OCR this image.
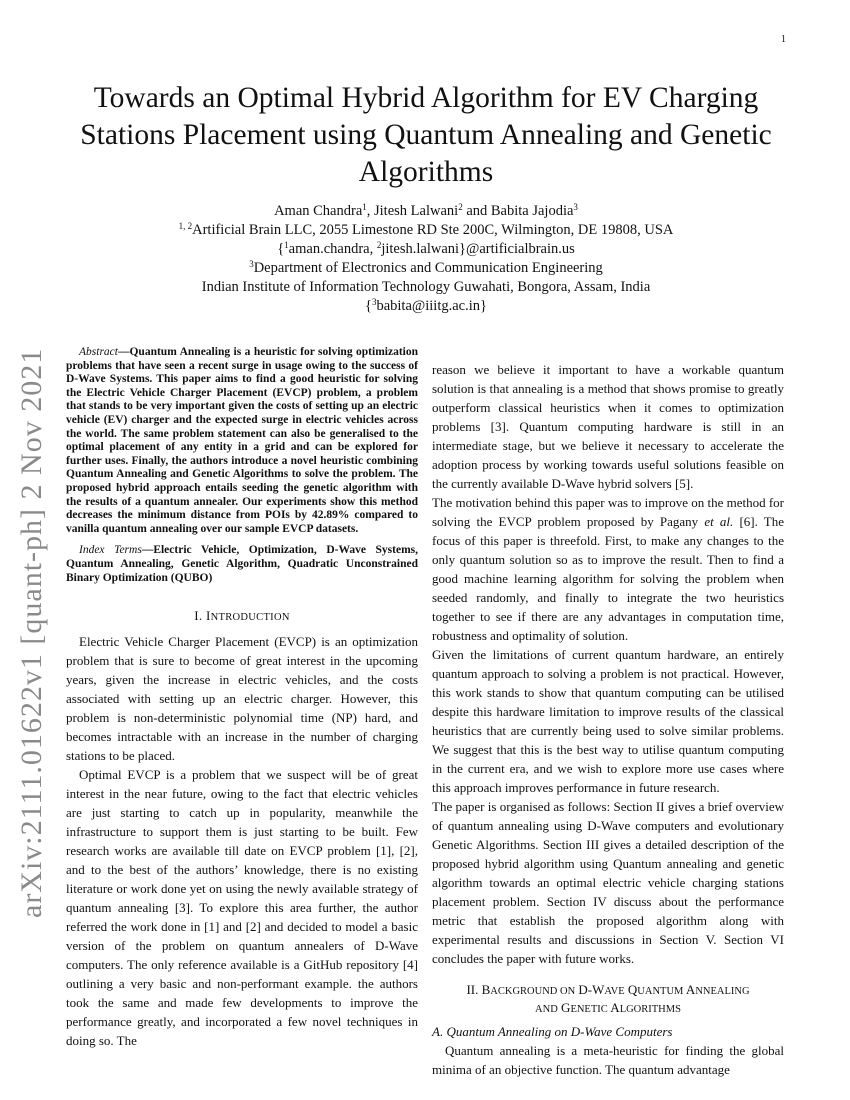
1
arXiv:2111.01622v1 [quant-ph] 2 Nov 2021
Towards an Optimal Hybrid Algorithm for EV Charging Stations Placement using Quantum Annealing and Genetic Algorithms
Aman Chandra$^1$, Jitesh Lalwani$^2$ and Babita Jajodia$^3$
$^{1, 2}$Artificial Brain LLC, 2055 Limestone RD Ste 200C, Wilmington, DE 19808, USA
{$^1$aman.chandra, $^2$jitesh.lalwani}@artificialbrain.us
$^3$Department of Electronics and Communication Engineering
Indian Institute of Information Technology Guwahati, Bongora, Assam, India
{$^3$babita@iiitg.ac.in}

Abstract—Quantum Annealing is a heuristic for solving optimization problems that have seen a recent surge in usage owing to the success of D-Wave Systems. This paper aims to find a good heuristic for solving the Electric Vehicle Charger Placement (EVCP) problem, a problem that stands to be very important given the costs of setting up an electric vehicle (EV) charger and the expected surge in electric vehicles across the world. The same problem statement can also be generalised to the optimal placement of any entity in a grid and can be explored for further uses. Finally, the authors introduce a novel heuristic combining Quantum Annealing and Genetic Algorithms to solve the problem. The proposed hybrid approach entails seeding the genetic algorithm with the results of a quantum annealer. Our experiments show this method decreases the minimum distance from POIs by 42.89% compared to vanilla quantum annealing over our sample EVCP datasets.

Index Terms—Electric Vehicle, Optimization, D-Wave Systems, Quantum Annealing, Genetic Algorithm, Quadratic Unconstrained Binary Optimization (QUBO)

I. INTRODUCTION

Electric Vehicle Charger Placement (EVCP) is an optimization problem that is sure to become of great interest in the upcoming years, given the increase in electric vehicles, and the costs associated with setting up an electric charger. However, this problem is non-deterministic polynomial time (NP) hard, and becomes intractable with an increase in the number of charging stations to be placed.

Optimal EVCP is a problem that we suspect will be of great interest in the near future, owing to the fact that electric vehicles are just starting to catch up in popularity, meanwhile the infrastructure to support them is just starting to be built. Few research works are available till date on EVCP problem [1], [2], and to the best of the authors’ knowledge, there is no existing literature or work done yet on using the newly available strategy of quantum annealing [3]. To explore this area further, the author referred the work done in [1] and [2] and decided to model a basic version of the problem on quantum annealers of D-Wave computers. The only reference available is a GitHub repository [4] outlining a very basic and non-performant example. the authors took the same and made few developments to improve the performance greatly, and incorporated a few novel techniques in doing so. The

reason we believe it important to have a workable quantum solution is that annealing is a method that shows promise to greatly outperform classical heuristics when it comes to optimization problems [3]. Quantum computing hardware is still in an intermediate stage, but we believe it necessary to accelerate the adoption process by working towards useful solutions feasible on the currently available D-Wave hybrid solvers [5].

The motivation behind this paper was to improve on the method for solving the EVCP problem proposed by Pagany et al. [6]. The focus of this paper is threefold. First, to make any changes to the only quantum solution so as to improve the result. Then to find a good machine learning algorithm for solving the problem when seeded randomly, and finally to integrate the two heuristics together to see if there are any advantages in computation time, robustness and optimality of solution.

Given the limitations of current quantum hardware, an entirely quantum approach to solving a problem is not practical. However, this work stands to show that quantum computing can be utilised despite this hardware limitation to improve results of the classical heuristics that are currently being used to solve similar problems. We suggest that this is the best way to utilise quantum computing in the current era, and we wish to explore more use cases where this approach improves performance in future research.

The paper is organised as follows: Section II gives a brief overview of quantum annealing using D-Wave computers and evolutionary Genetic Algorithms. Section III gives a detailed description of the proposed hybrid algorithm using Quantum annealing and genetic algorithm towards an optimal electric vehicle charging stations placement problem. Section IV discuss about the performance metric that establish the proposed algorithm along with experimental results and discussions in Section V. Section VI concludes the paper with future works.

II. BACKGROUND ON D-WAVE QUANTUM ANNEALING
AND GENETIC ALGORITHMS

A. Quantum Annealing on D-Wave Computers

Quantum annealing is a meta-heuristic for finding the global minima of an objective function. The quantum advantage
